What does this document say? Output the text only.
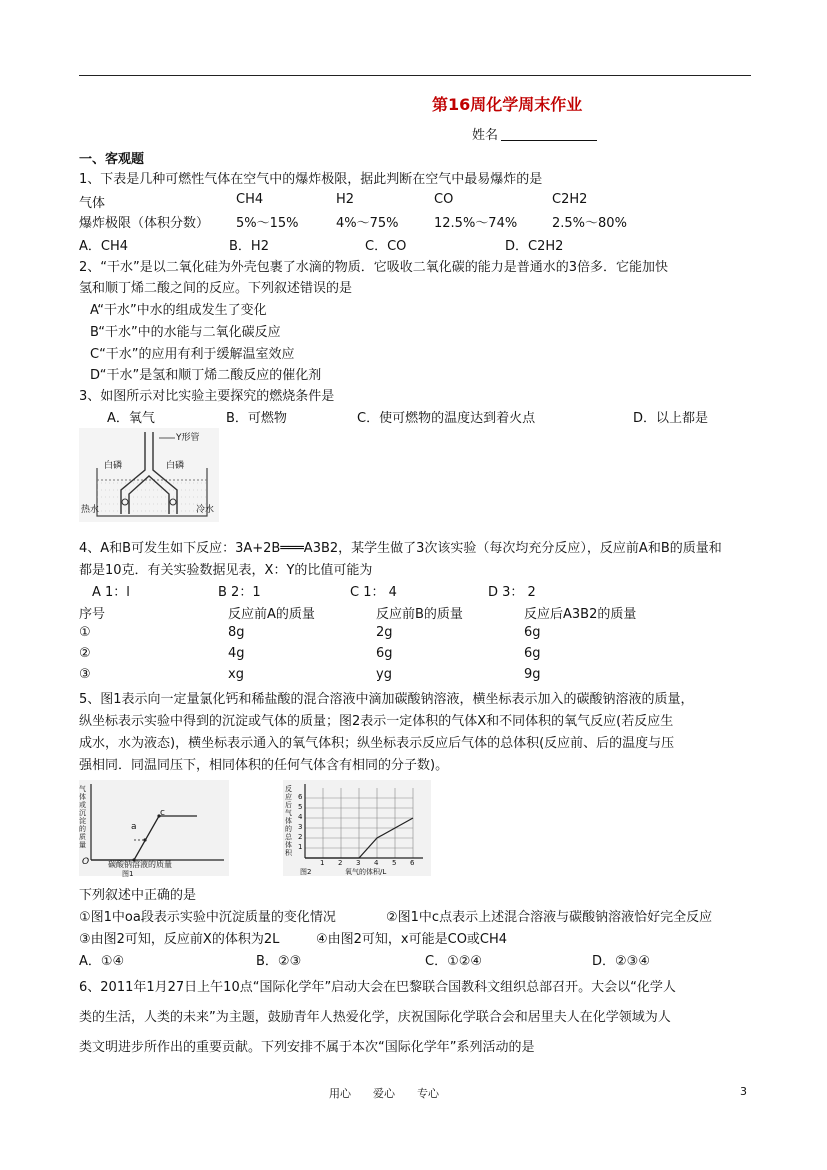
第16周化学周末作业
姓名
一、客观题
1、下表是几种可燃性气体在空气中的爆炸极限，据此判断在空气中最易爆炸的是
气体	CH4	H2	CO	C2H2
爆炸极限（体积分数） 5%～15%	4%～75%	12.5%～74%	2.5%～80%
A．CH4	B．H2	C．CO	D．C2H2
2、“干水”是以二氧化硅为外壳包裹了水滴的物质．它吸收二氧化碳的能力是普通水的3倍多．它能加快
氢和顺丁烯二酸之间的反应。下列叙述错误的是
A“干水”中水的组成发生了变化
B“干水”中的水能与二氧化碳反应
C“干水”的应用有利于缓解温室效应
D“干水”是氢和顺丁烯二酸反应的催化剂
3、如图所示对比实验主要探究的燃烧条件是
A．氧气	B．可燃物	C．使可燃物的温度达到着火点	D．以上都是
Y形管
白磷	白磷
热水	冷水
4、A和B可发生如下反应：3A+2B═══A3B2，某学生做了3次该实验（每次均充分反应），反应前A和B的质量和
都是10克．有关实验数据见表，X：Y的比值可能为
A 1：l	B 2：1	C 1： 4	D 3： 2
序号	反应前A的质量	反应前B的质量	反应后A3B2的质量
①	8g	2g	6g
②	4g	6g	6g
③	xg	yg	9g
5、图1表示向一定量氯化钙和稀盐酸的混合溶液中滴加碳酸钠溶液，横坐标表示加入的碳酸钠溶液的质量，
纵坐标表示实验中得到的沉淀或气体的质量；图2表示一定体积的气体X和不同体积的氧气反应(若反应生
成水，水为液态)，横坐标表示通入的氧气体积；纵坐标表示反应后气体的总体积(反应前、后的温度与压
强相同．同温同压下，相同体积的任何气体含有相同的分子数)。
气体或沉淀的质量
a
c
O 碳酸钠溶液的质量
图1
反应后气体的总体积
6
5
4
3
2
1
1 2 3 4 5 6
氧气的体积/L
图2
下列叙述中正确的是
①图1中oa段表示实验中沉淀质量的变化情况	②图1中c点表示上述混合溶液与碳酸钠溶液恰好完全反应
③由图2可知，反应前X的体积为2L	④由图2可知，x可能是CO或CH4
A．①④	B．②③	C．①②④	D．②③④
6、2011年1月27日上午10点“国际化学年”启动大会在巴黎联合国教科文组织总部召开。大会以“化学人
类的生活，人类的未来”为主题，鼓励青年人热爱化学，庆祝国际化学联合会和居里夫人在化学领域为人
类文明进步所作出的重要贡献。下列安排不属于本次“国际化学年”系列活动的是
用心　　爱心　　专心	3
